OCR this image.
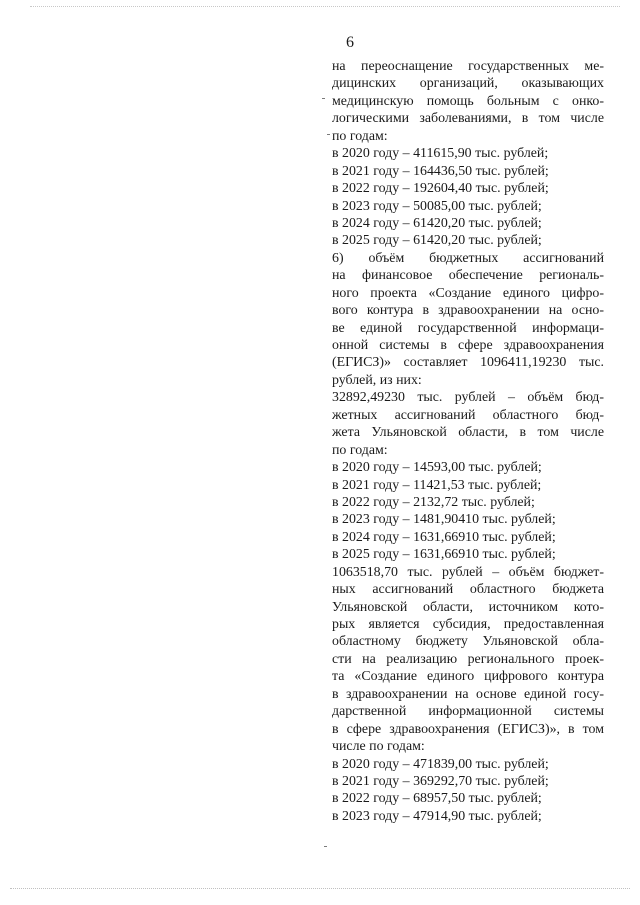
6
на переоснащение государственных ме-
дицинских организаций, оказывающих
медицинскую помощь больным с онко-
логическими заболеваниями, в том числе
по годам:
в 2020 году – 411615,90 тыс. рублей;
в 2021 году – 164436,50 тыс. рублей;
в 2022 году – 192604,40 тыс. рублей;
в 2023 году – 50085,00 тыс. рублей;
в 2024 году – 61420,20 тыс. рублей;
в 2025 году – 61420,20 тыс. рублей;
6) объём бюджетных ассигнований
на финансовое обеспечение региональ-
ного проекта «Создание единого цифро-
вого контура в здравоохранении на осно-
ве единой государственной информаци-
онной системы в сфере здравоохранения
(ЕГИСЗ)» составляет 1096411,19230 тыс.
рублей, из них:
32892,49230 тыс. рублей – объём бюд-
жетных ассигнований областного бюд-
жета Ульяновской области, в том числе
по годам:
в 2020 году – 14593,00 тыс. рублей;
в 2021 году – 11421,53 тыс. рублей;
в 2022 году – 2132,72 тыс. рублей;
в 2023 году – 1481,90410 тыс. рублей;
в 2024 году – 1631,66910 тыс. рублей;
в 2025 году – 1631,66910 тыс. рублей;
1063518,70 тыс. рублей – объём бюджет-
ных ассигнований областного бюджета
Ульяновской области, источником кото-
рых является субсидия, предоставленная
областному бюджету Ульяновской обла-
сти на реализацию регионального проек-
та «Создание единого цифрового контура
в здравоохранении на основе единой госу-
дарственной информационной системы
в сфере здравоохранения (ЕГИСЗ)», в том
числе по годам:
в 2020 году – 471839,00 тыс. рублей;
в 2021 году – 369292,70 тыс. рублей;
в 2022 году – 68957,50 тыс. рублей;
в 2023 году – 47914,90 тыс. рублей;
